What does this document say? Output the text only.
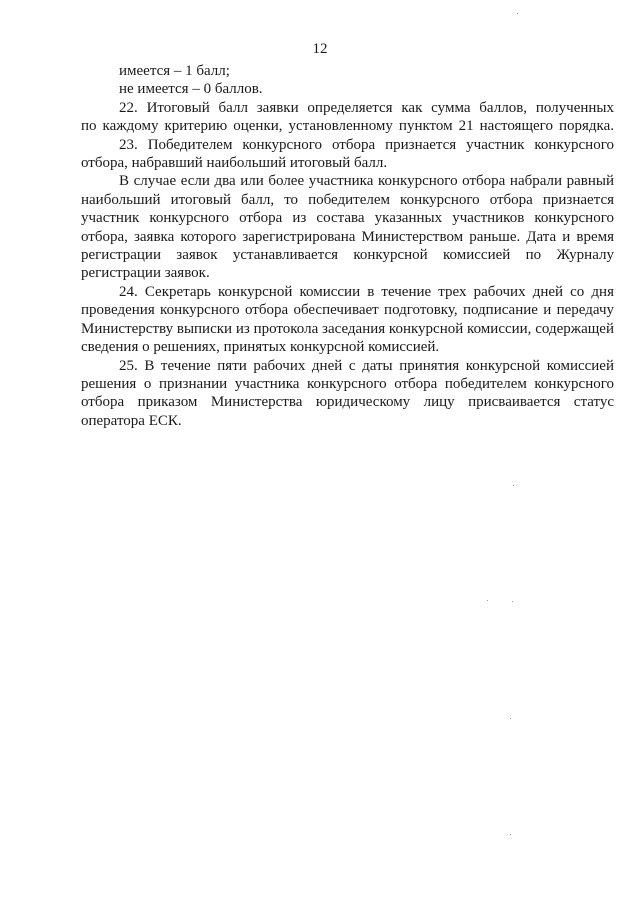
12
имеется – 1 балл;
не имеется – 0 баллов.
22. Итоговый балл заявки определяется как сумма баллов, полученных
по каждому критерию оценки, установленному пунктом 21 настоящего порядка.
23. Победителем конкурсного отбора признается участник конкурсного
отбора, набравший наибольший итоговый балл.
В случае если два или более участника конкурсного отбора набрали равный
наибольший итоговый балл, то победителем конкурсного отбора признается
участник конкурсного отбора из состава указанных участников конкурсного
отбора, заявка которого зарегистрирована Министерством раньше. Дата и время
регистрации заявок устанавливается конкурсной комиссией по Журналу
регистрации заявок.
24. Секретарь конкурсной комиссии в течение трех рабочих дней со дня
проведения конкурсного отбора обеспечивает подготовку, подписание и передачу
Министерству выписки из протокола заседания конкурсной комиссии, содержащей
сведения о решениях, принятых конкурсной комиссией.
25. В течение пяти рабочих дней с даты принятия конкурсной комиссией
решения о признании участника конкурсного отбора победителем конкурсного
отбора приказом Министерства юридическому лицу присваивается статус
оператора ЕСК.
